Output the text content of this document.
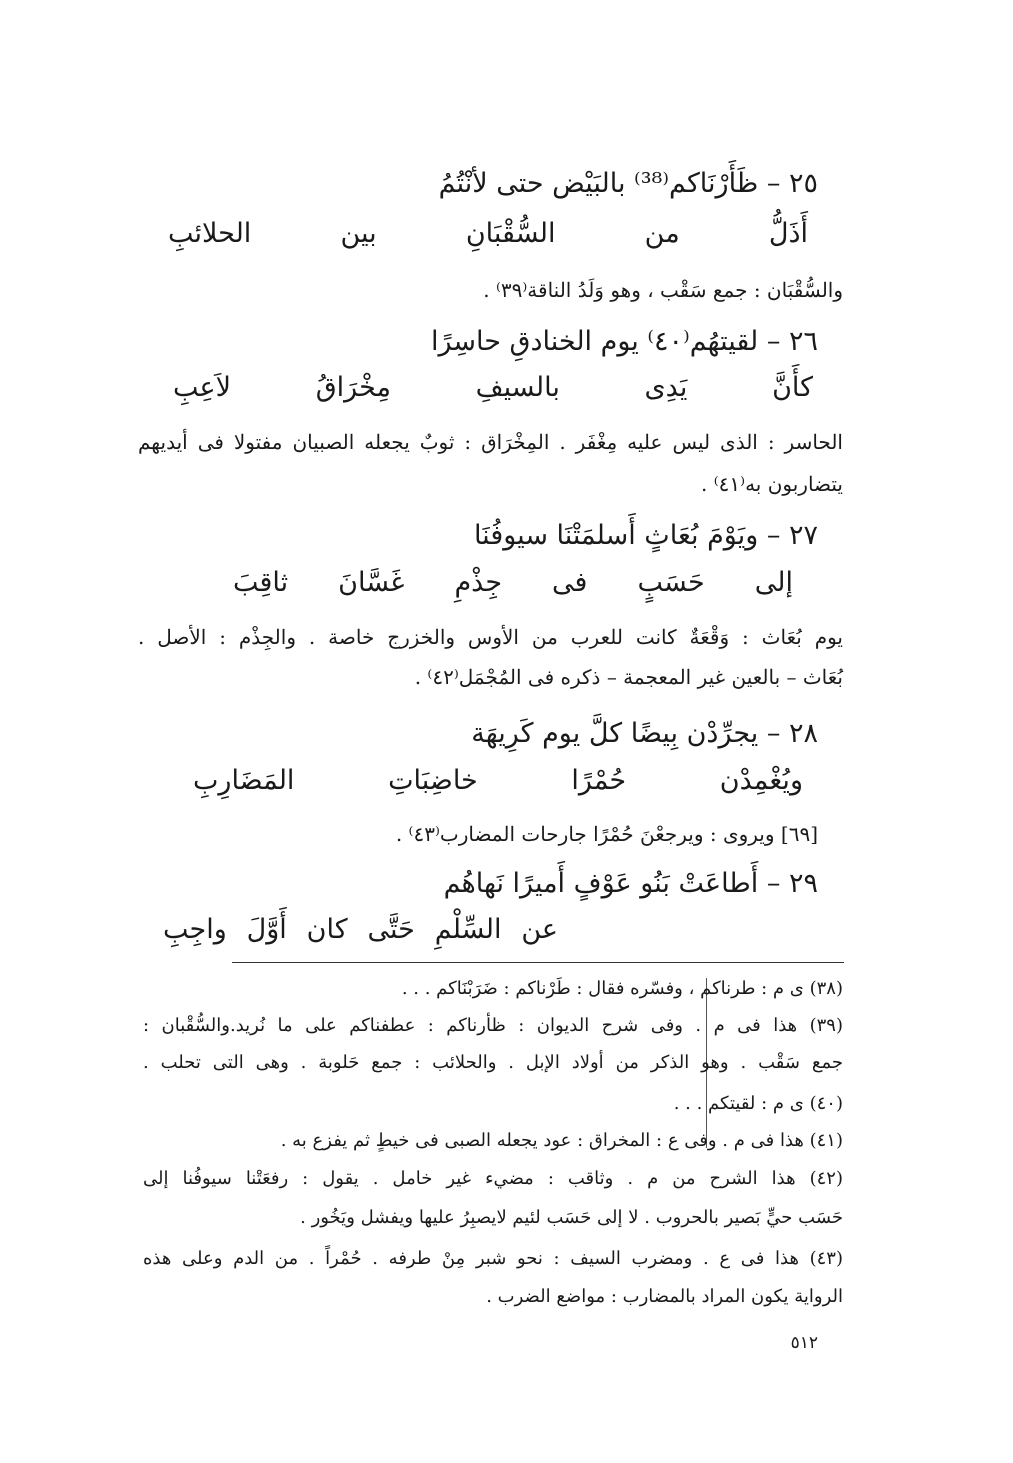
٢٥ – ظَأَرْنَاكم⁽³⁸⁾ بالبَيْض حتى لأنْتُمُ
أَذَلُّ من السُّقْبَانِ بين الحلائبِ
والسُّقْبَان : جمع سَقْب ، وهو وَلَدُ الناقة⁽٣٩⁾ .
٢٦ – لقيتهُم⁽٤٠⁾ يوم الخنادقِ حاسِرًا
كأَنَّ يَدِى بالسيفِ مِخْرَاقُ لاَعِبِ
الحاسر : الذى ليس عليه مِغْفَر . المِخْرَاق : ثوبٌ يجعله الصبيان مفتولا فى أيديهم
يتضاربون به⁽٤١⁾ .
٢٧ – ويَوْمَ بُعَاثٍ أَسلمَتْنَا سيوفُنَا
إلى حَسَبٍ فى جِذْمِ غَسَّانَ ثاقِبَ
يوم بُعَاث : وَقْعَةٌ كانت للعرب من الأوس والخزرج خاصة . والجِذْم : الأصل .
بُعَاث – بالعين غير المعجمة – ذكره فى المُجْمَل⁽٤٢⁾ .
٢٨ – يجرِّدْن بِيضًا كلَّ يوم كَرِيهَة
ويُغْمِدْن حُمْرًا خاضِبَاتِ المَضَارِبِ
[٦٩] ويروى : ويرجعْنَ حُمْرًا جارحات المضارب⁽٤٣⁾ .
٢٩ – أَطاعَتْ بَنُو عَوْفٍ أَميرًا نَهاهُم
عن السِّلْمِ حَتَّى كان أَوَّلَ واجِبِ
(٣٨) ى م : طرناكم ، وفسّره فقال : طَرْناكم : ضَرَبْنَاكم . . .
(٣٩) هذا فى م . وفى شرح الديوان : ظأرناكم : عطفناكم على ما نُريد.والسُّقْبان :
جمع سَقْب . وهو الذكر من أولاد الإبل . والحلائب : جمع حَلوبة . وهى التى تحلب .
(٤٠) ى م : لقيتكم . . .
(٤١) هذا فى م . وفى ع : المخراق : عود يجعله الصبى فى خيطٍ ثم يفزع به .
(٤٢) هذا الشرح من م . وثاقب : مضيء غير خامل . يقول : رفعَتْنا سيوفُنا إلى
حَسَب حيٍّ بَصير بالحروب . لا إلى حَسَب لئيم لايصبِرُ عليها ويفشل ويَخُور .
(٤٣) هذا فى ع . ومضرب السيف : نحو شبر مِنْ طرفه . حُمْراً . من الدم وعلى هذه
الرواية يكون المراد بالمضارب : مواضع الضرب .
٥١٢
